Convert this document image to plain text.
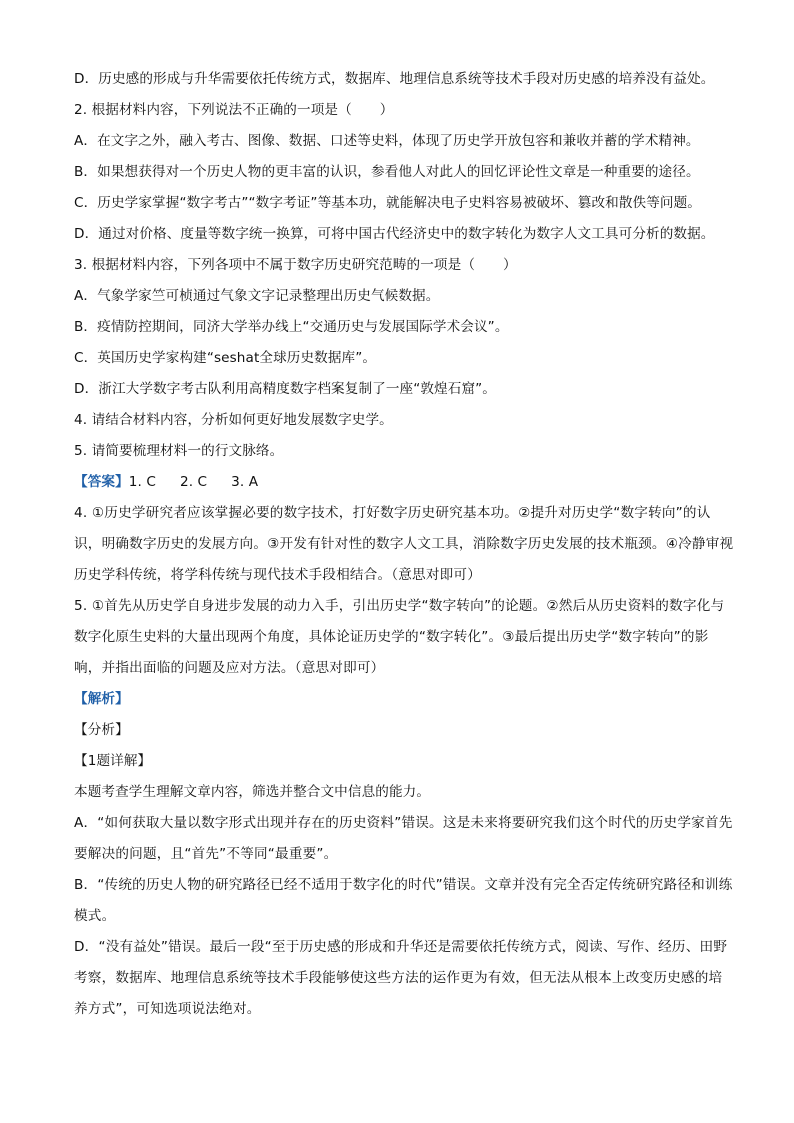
D．历史感的形成与升华需要依托传统方式，数据库、地理信息系统等技术手段对历史感的培养没有益处。
2. 根据材料内容，下列说法不正确的一项是（ ）
A．在文字之外，融入考古、图像、数据、口述等史料，体现了历史学开放包容和兼收并蓄的学术精神。
B．如果想获得对一个历史人物的更丰富的认识，参看他人对此人的回忆评论性文章是一种重要的途径。
C．历史学家掌握“数字考古”“数字考证”等基本功，就能解决电子史料容易被破坏、篡改和散佚等问题。
D．通过对价格、度量等数字统一换算，可将中国古代经济史中的数字转化为数字人文工具可分析的数据。
3. 根据材料内容，下列各项中不属于数字历史研究范畴的一项是（ ）
A．气象学家竺可桢通过气象文字记录整理出历史气候数据。
B．疫情防控期间，同济大学举办线上“交通历史与发展国际学术会议”。
C．英国历史学家构建“seshat全球历史数据库”。
D．浙江大学数字考古队利用高精度数字档案复制了一座“敦煌石窟”。
4. 请结合材料内容，分析如何更好地发展数字史学。
5. 请简要梳理材料一的行文脉络。
【答案】1. C 2. C 3. A
4. ①历史学研究者应该掌握必要的数字技术，打好数字历史研究基本功。②提升对历史学“数字转向”的认识，明确数字历史的发展方向。③开发有针对性的数字人文工具，消除数字历史发展的技术瓶颈。④冷静审视历史学科传统，将学科传统与现代技术手段相结合。（意思对即可）
5. ①首先从历史学自身进步发展的动力入手，引出历史学“数字转向”的论题。②然后从历史资料的数字化与数字化原生史料的大量出现两个角度，具体论证历史学的“数字转化”。③最后提出历史学“数字转向”的影响，并指出面临的问题及应对方法。（意思对即可）
【解析】
【分析】
【1题详解】
本题考查学生理解文章内容，筛选并整合文中信息的能力。
A．“如何获取大量以数字形式出现并存在的历史资料”错误。这是未来将要研究我们这个时代的历史学家首先要解决的问题，且“首先”不等同“最重要”。
B．“传统的历史人物的研究路径已经不适用于数字化的时代”错误。文章并没有完全否定传统研究路径和训练模式。
D．“没有益处”错误。最后一段“至于历史感的形成和升华还是需要依托传统方式，阅读、写作、经历、田野考察，数据库、地理信息系统等技术手段能够使这些方法的运作更为有效，但无法从根本上改变历史感的培养方式”，可知选项说法绝对。
